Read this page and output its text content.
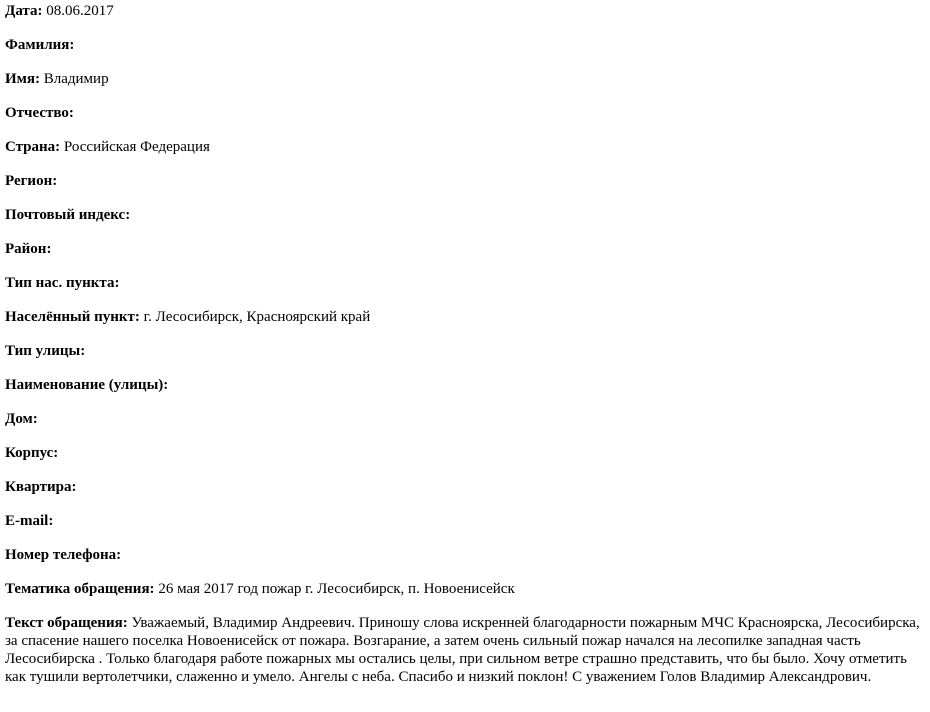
Дата: 08.06.2017

Фамилия:

Имя: Владимир

Отчество:

Страна: Российская Федерация

Регион:

Почтовый индекс:

Район:

Тип нас. пункта:

Населённый пункт: г. Лесосибирск, Красноярский край

Тип улицы:

Наименование (улицы):

Дом:

Корпус:

Квартира:

E-mail:

Номер телефона:

Тематика обращения: 26 мая 2017 год пожар г. Лесосибирск, п. Новоенисейск

Текст обращения: Уважаемый, Владимир Андреевич. Приношу слова искренней благодарности пожарным МЧС Красноярска, Лесосибирска, за спасение нашего поселка Новоенисейск от пожара. Возгарание, а затем очень сильный пожар начался на лесопилке западная часть Лесосибирска . Только благодаря работе пожарных мы остались целы, при сильном ветре страшно представить, что бы было. Хочу отметить как тушили вертолетчики, слаженно и умело. Ангелы с неба. Спасибо и низкий поклон! С уважением Голов Владимир Александрович.
